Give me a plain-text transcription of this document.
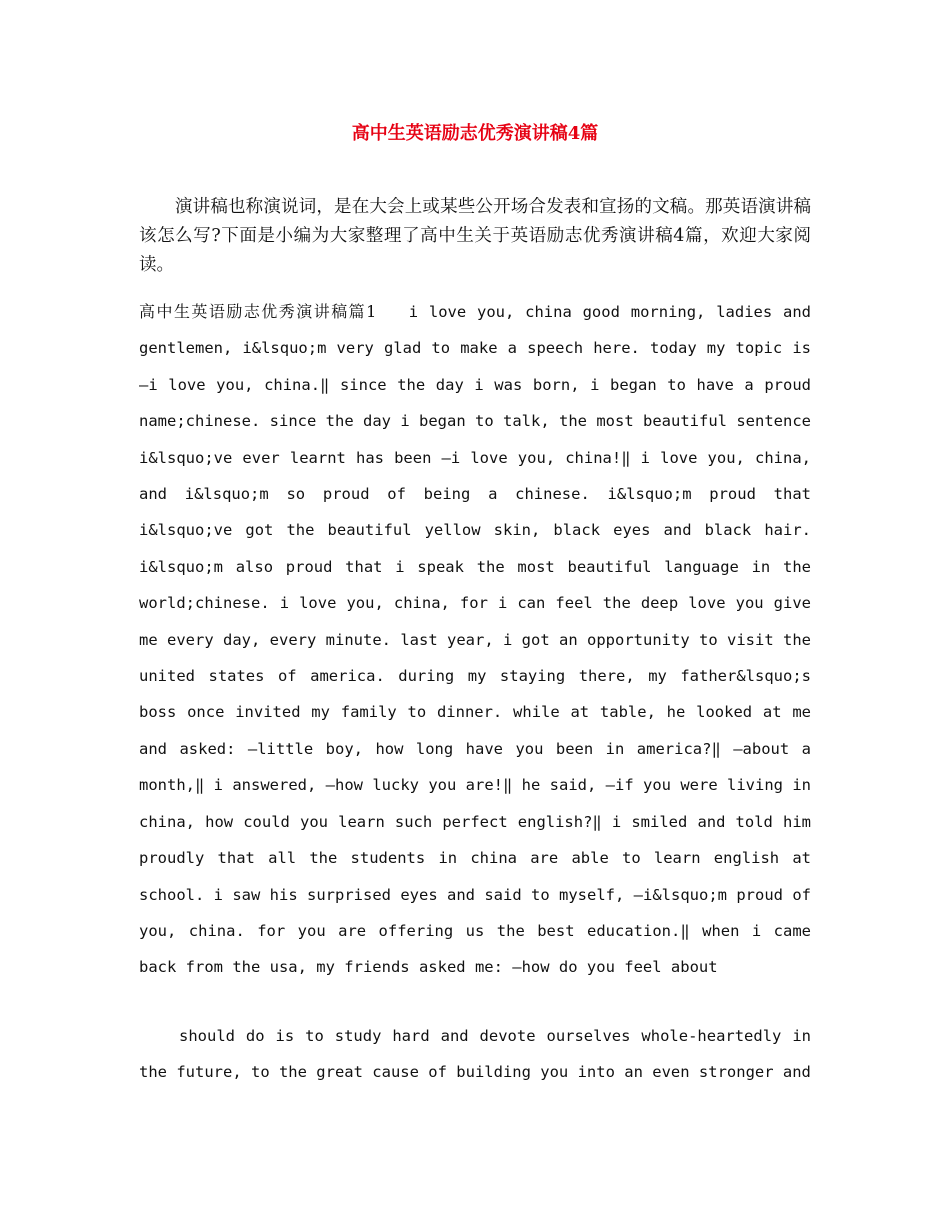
高中生英语励志优秀演讲稿4篇
演讲稿也称演说词，是在大会上或某些公开场合发表和宣扬的文稿。那英语演讲稿该怎么写?下面是小编为大家整理了高中生关于英语励志优秀演讲稿4篇，欢迎大家阅读。

高中生英语励志优秀演讲稿篇1   i love you, china good morning, ladies and gentlemen, i&lsquo;m very glad to make a speech here. today my topic is ―i love you, china.‖ since the day i was born, i began to have a proud name;chinese. since the day i began to talk, the most beautiful sentence i&lsquo;ve ever learnt has been ―i love you, china!‖ i love you, china, and i&lsquo;m so proud of being a chinese. i&lsquo;m proud that i&lsquo;ve got the beautiful yellow skin, black eyes and black hair. i&lsquo;m also proud that i speak the most beautiful language in the world;chinese. i love you, china, for i can feel the deep love you give me every day, every minute. last year, i got an opportunity to visit the united states of america. during my staying there, my father&lsquo;s boss once invited my family to dinner. while at table, he looked at me and asked: ―little boy, how long have you been in america?‖ ―about a month,‖ i answered, ―how lucky you are!‖ he said, ―if you were living in china, how could you learn such perfect english?‖ i smiled and told him proudly that all the students in china are able to learn english at school. i saw his surprised eyes and said to myself, ―i&lsquo;m proud of you, china. for you are offering us the best education.‖ when i came back from the usa, my friends asked me: ―how do you feel about

should do is to study hard and devote ourselves whole-heartedly in the future, to the great cause of building you into an even stronger and
